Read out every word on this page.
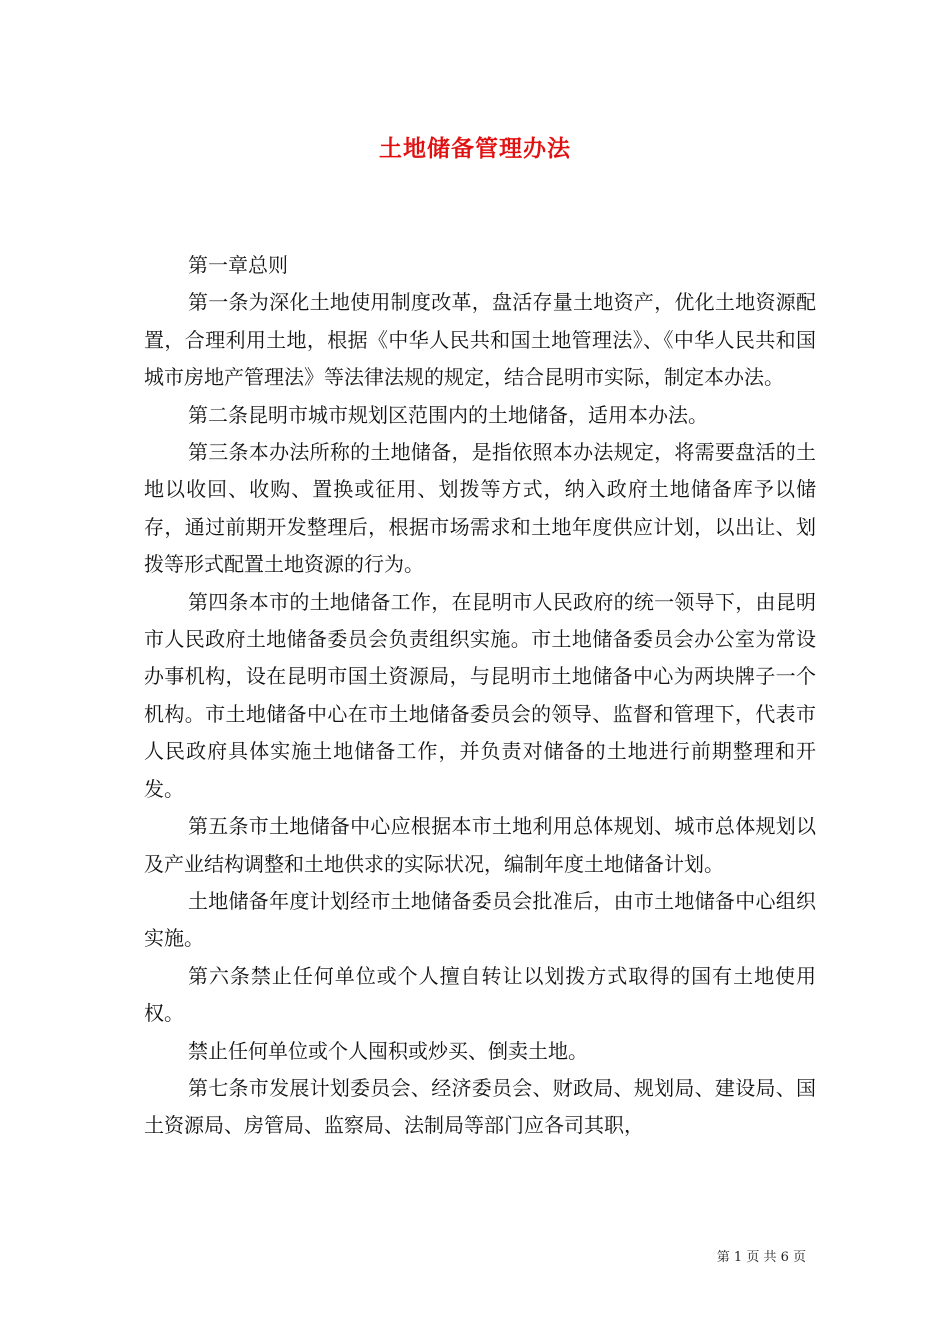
土地储备管理办法

第一章总则

第一条为深化土地使用制度改革，盘活存量土地资产，优化土地资源配置，合理利用土地，根据《中华人民共和国土地管理法》、《中华人民共和国城市房地产管理法》等法律法规的规定，结合昆明市实际，制定本办法。

第二条昆明市城市规划区范围内的土地储备，适用本办法。

第三条本办法所称的土地储备，是指依照本办法规定，将需要盘活的土地以收回、收购、置换或征用、划拨等方式，纳入政府土地储备库予以储存，通过前期开发整理后，根据市场需求和土地年度供应计划，以出让、划拨等形式配置土地资源的行为。

第四条本市的土地储备工作，在昆明市人民政府的统一领导下，由昆明市人民政府土地储备委员会负责组织实施。市土地储备委员会办公室为常设办事机构，设在昆明市国土资源局，与昆明市土地储备中心为两块牌子一个机构。市土地储备中心在市土地储备委员会的领导、监督和管理下，代表市人民政府具体实施土地储备工作，并负责对储备的土地进行前期整理和开发。

第五条市土地储备中心应根据本市土地利用总体规划、城市总体规划以及产业结构调整和土地供求的实际状况，编制年度土地储备计划。

土地储备年度计划经市土地储备委员会批准后，由市土地储备中心组织实施。

第六条禁止任何单位或个人擅自转让以划拨方式取得的国有土地使用权。

禁止任何单位或个人囤积或炒买、倒卖土地。

第七条市发展计划委员会、经济委员会、财政局、规划局、建设局、国土资源局、房管局、监察局、法制局等部门应各司其职，

第 1 页 共 6 页
